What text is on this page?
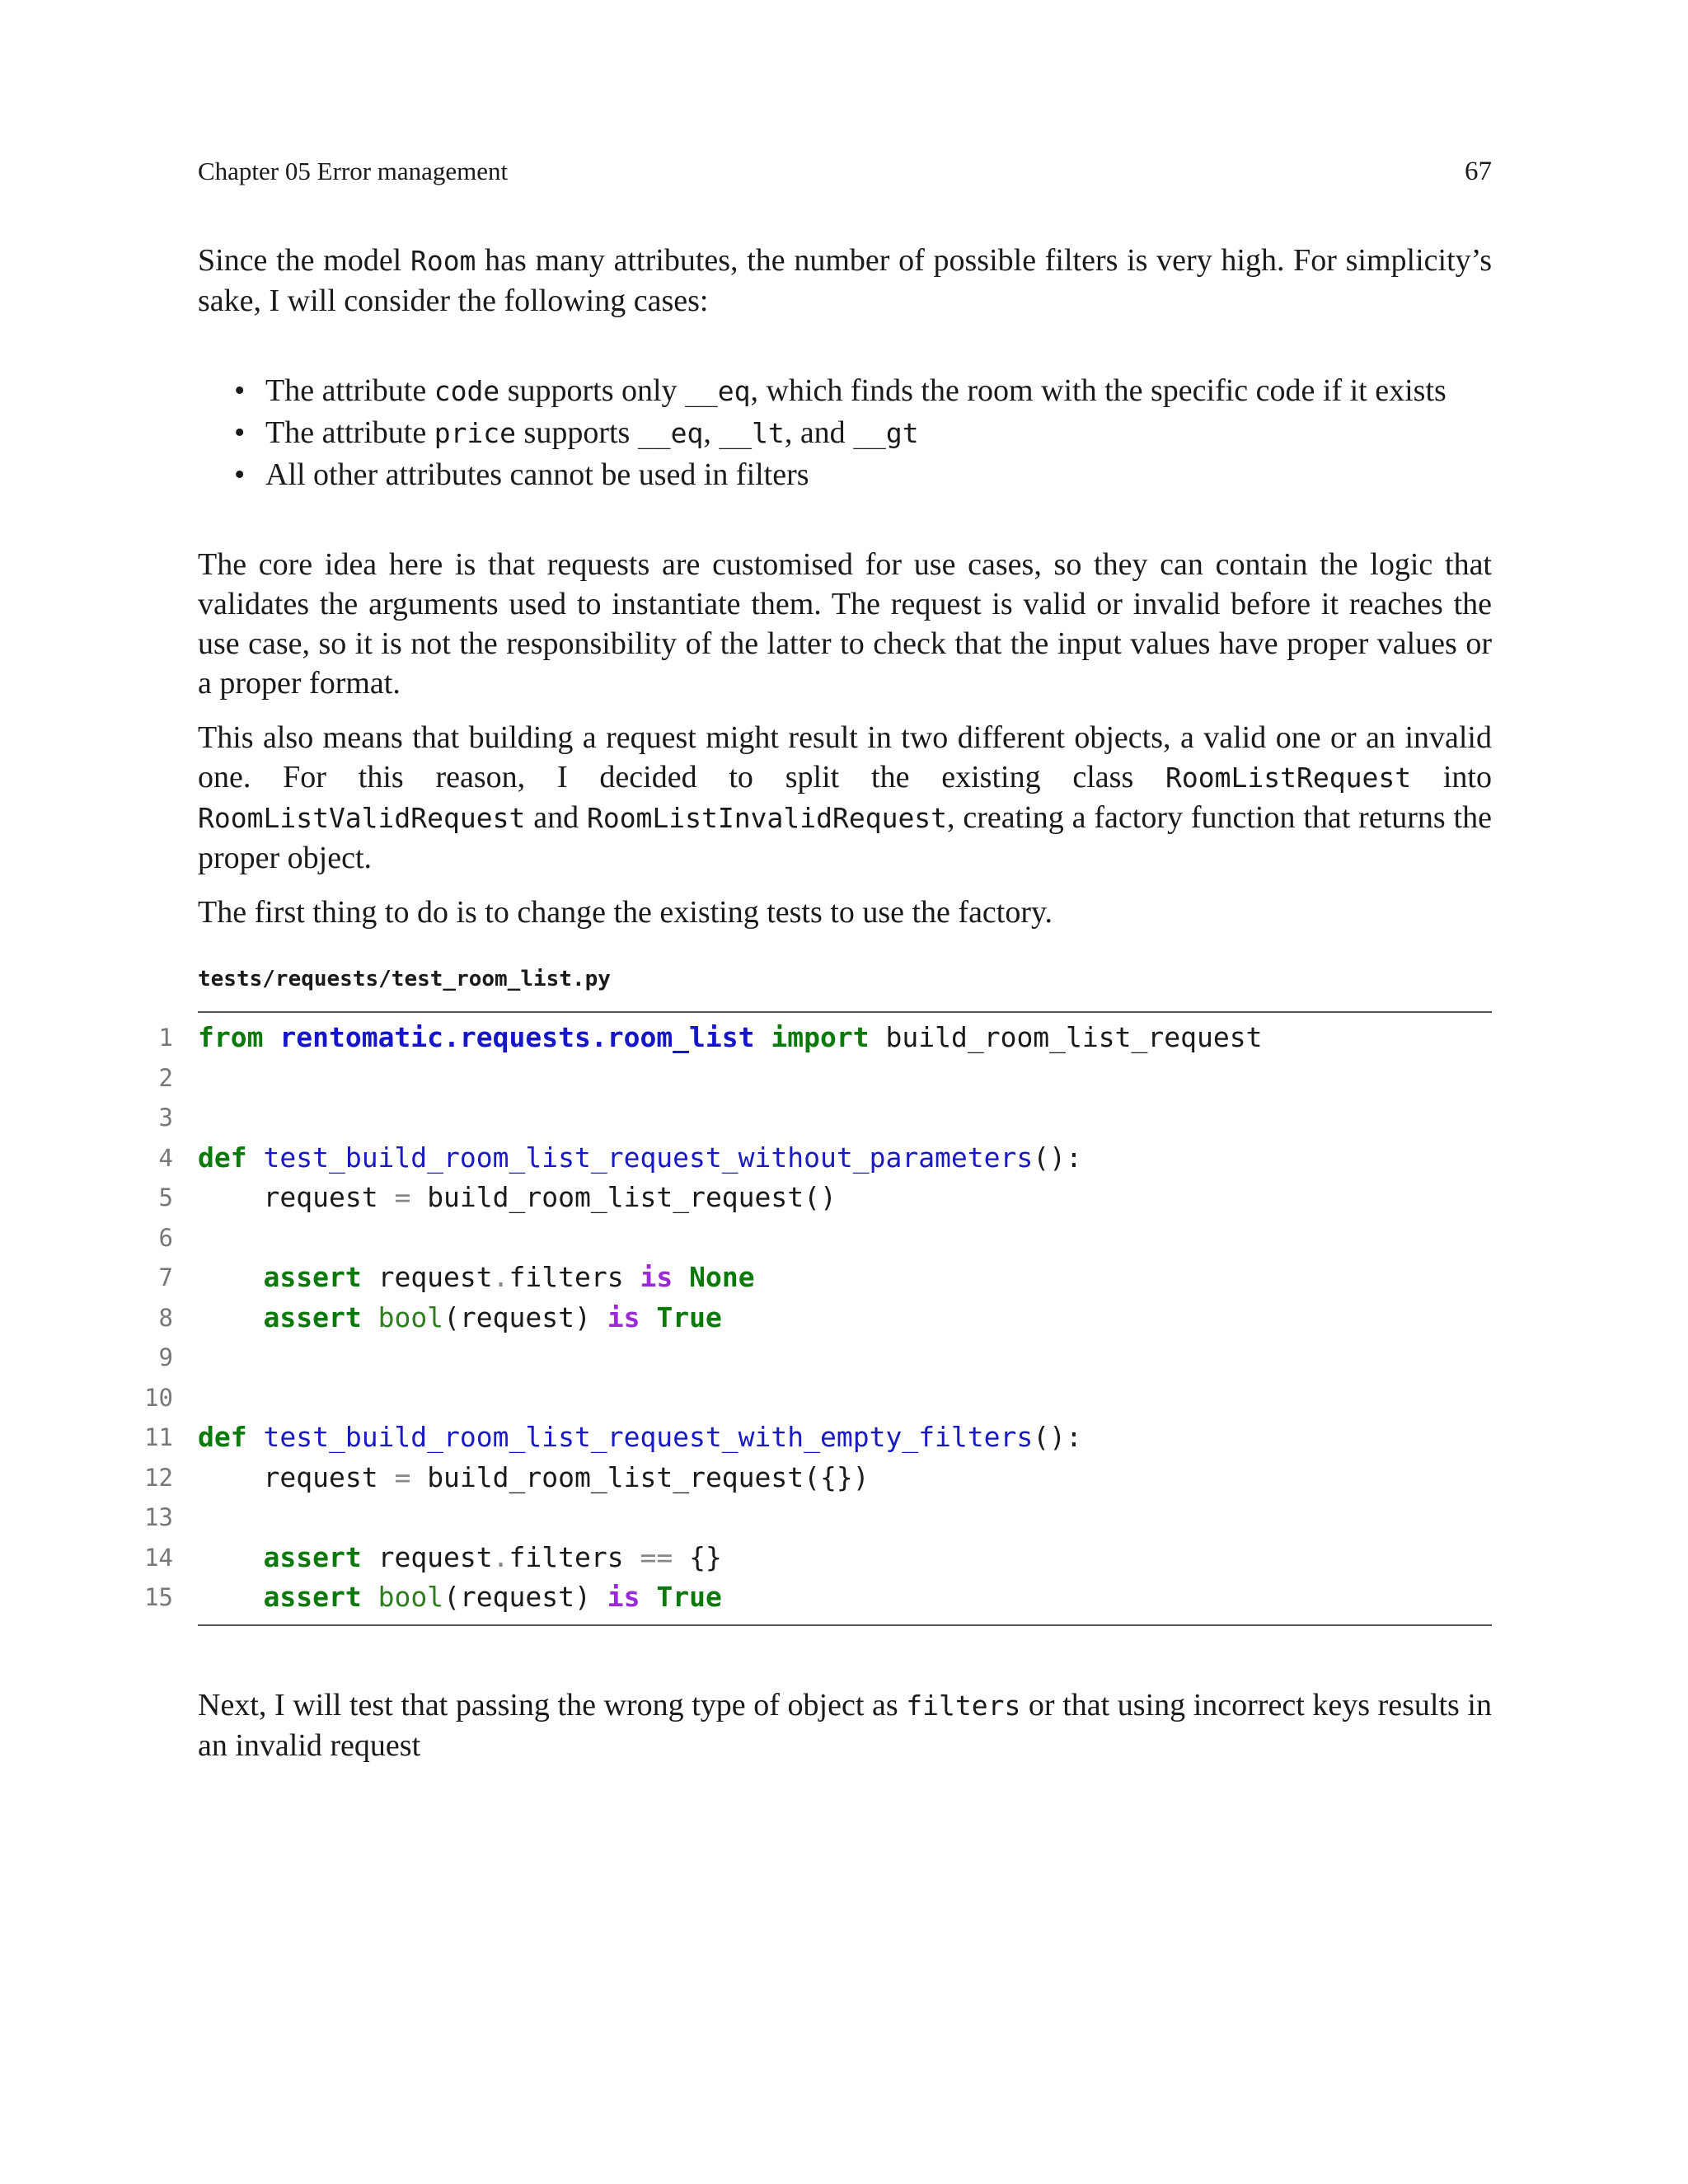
Chapter 05 Error management	67

Since the model Room has many attributes, the number of possible filters is very high. For simplicity’s sake, I will consider the following cases:

• The attribute code supports only __eq, which finds the room with the specific code if it exists
• The attribute price supports __eq, __lt, and __gt
• All other attributes cannot be used in filters

The core idea here is that requests are customised for use cases, so they can contain the logic that validates the arguments used to instantiate them. The request is valid or invalid before it reaches the use case, so it is not the responsibility of the latter to check that the input values have proper values or a proper format.

This also means that building a request might result in two different objects, a valid one or an invalid one. For this reason, I decided to split the existing class RoomListRequest into RoomListValidRequest and RoomListInvalidRequest, creating a factory function that returns the proper object.

The first thing to do is to change the existing tests to use the factory.

tests/requests/test_room_list.py
1 from rentomatic.requests.room_list import build_room_list_request
2
3
4 def test_build_room_list_request_without_parameters():
5	request = build_room_list_request()
6
7	assert request.filters is None
8	assert bool(request) is True
9
10
11 def test_build_room_list_request_with_empty_filters():
12	request = build_room_list_request({})
13
14	assert request.filters == {}
15	assert bool(request) is True

Next, I will test that passing the wrong type of object as filters or that using incorrect keys results in an invalid request
